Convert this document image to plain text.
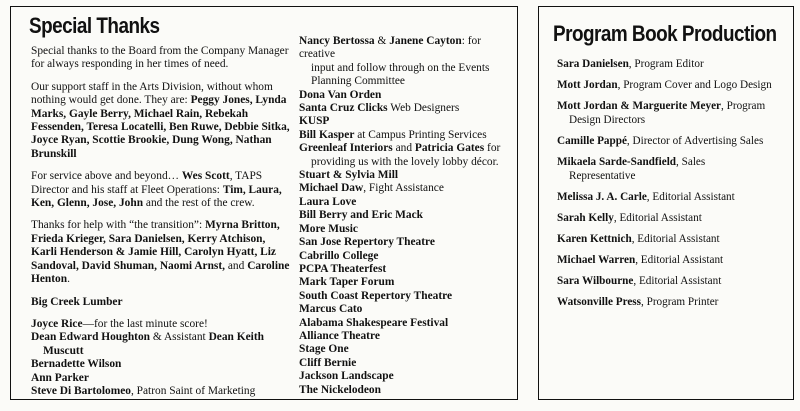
Special Thanks

Special thanks to the Board from the Company Manager for always responding in her times of need.

Our support staff in the Arts Division, without whom nothing would get done. They are: Peggy Jones, Lynda Marks, Gayle Berry, Michael Rain, Rebekah Fessenden, Teresa Locatelli, Ben Ruwe, Debbie Sitka, Joyce Ryan, Scottie Brookie, Dung Wong, Nathan Brunskill

For service above and beyond… Wes Scott, TAPS Director and his staff at Fleet Operations: Tim, Laura, Ken, Glenn, Jose, John and the rest of the crew.

Thanks for help with “the transition”: Myrna Britton, Frieda Krieger, Sara Danielsen, Kerry Atchison, Karli Henderson & Jamie Hill, Carolyn Hyatt, Liz Sandoval, David Shuman, Naomi Arnst, and Caroline Henton.

Big Creek Lumber

Joyce Rice—for the last minute score!

Dean Edward Houghton & Assistant Dean Keith

Muscutt

Bernadette Wilson

Ann Parker

Steve Di Bartolomeo, Patron Saint of Marketing

Nancy Bertossa & Janene Cayton: for creative

input and follow through on the Events

Planning Committee

Dona Van Orden

Santa Cruz Clicks Web Designers

KUSP

Bill Kasper at Campus Printing Services

Greenleaf Interiors and Patricia Gates for

providing us with the lovely lobby décor.

Stuart & Sylvia Mill

Michael Daw, Fight Assistance

Laura Love

Bill Berry and Eric Mack

More Music

San Jose Repertory Theatre

Cabrillo College

PCPA Theaterfest

Mark Taper Forum

South Coast Repertory Theatre

Marcus Cato

Alabama Shakespeare Festival

Alliance Theatre

Stage One

Cliff Bernie

Jackson Landscape

The Nickelodeon

Program Book Production
Sara Danielsen, Program Editor
Mott Jordan, Program Cover and Logo Design
Mott Jordan & Marguerite Meyer, Program
Design Directors
Camille Pappé, Director of Advertising Sales
Mikaela Sarde-Sandfield, Sales
Representative
Melissa J. A. Carle, Editorial Assistant
Sarah Kelly, Editorial Assistant
Karen Kettnich, Editorial Assistant
Michael Warren, Editorial Assistant
Sara Wilbourne, Editorial Assistant
Watsonville Press, Program Printer
